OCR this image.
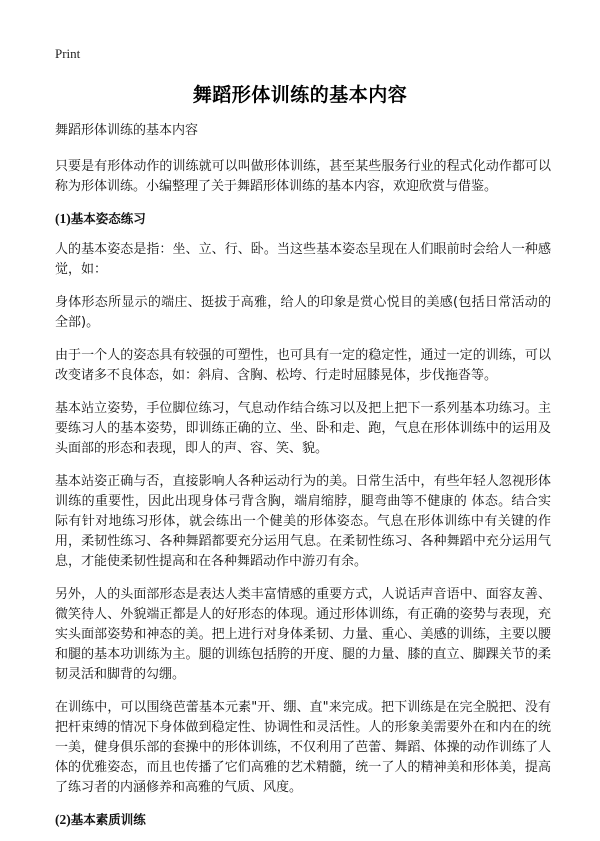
Print
舞蹈形体训练的基本内容

舞蹈形体训练的基本内容

只要是有形体动作的训练就可以叫做形体训练，甚至某些服务行业的程式化动作都可以称为形体训练。小编整理了关于舞蹈形体训练的基本内容，欢迎欣赏与借鉴。

(1)基本姿态练习

人的基本姿态是指：坐、立、行、卧。当这些基本姿态呈现在人们眼前时会给人一种感觉，如：

身体形态所显示的端庄、挺拔于高雅，给人的印象是赏心悦目的美感(包括日常活动的全部)。

由于一个人的姿态具有较强的可塑性，也可具有一定的稳定性，通过一定的训练，可以改变诸多不良体态，如：斜肩、含胸、松垮、行走时屈膝晃体，步伐拖沓等。

基本站立姿势，手位脚位练习，气息动作结合练习以及把上把下一系列基本功练习。主要练习人的基本姿势，即训练正确的立、坐、卧和走、跑，气息在形体训练中的运用及头面部的形态和表现，即人的声、容、笑、貌。

基本站姿正确与否，直接影响人各种运动行为的美。日常生活中，有些年轻人忽视形体训练的重要性，因此出现身体弓背含胸，端肩缩脖，腿弯曲等不健康的 体态。结合实际有针对地练习形体，就会练出一个健美的形体姿态。气息在形体训练中有关键的作用，柔韧性练习、各种舞蹈都要充分运用气息。在柔韧性练习、各种舞蹈中充分运用气息，才能使柔韧性提高和在各种舞蹈动作中游刃有余。

另外，人的头面部形态是表达人类丰富情感的重要方式，人说话声音语中、面容友善、微笑待人、外貌端正都是人的好形态的体现。通过形体训练，有正确的姿势与表现，充实头面部姿势和神态的美。把上进行对身体柔韧、力量、重心、美感的训练，主要以腰和腿的基本功训练为主。腿的训练包括胯的开度、腿的力量、膝的直立、脚踝关节的柔韧灵活和脚背的勾绷。

在训练中，可以围绕芭蕾基本元素"开、绷、直"来完成。把下训练是在完全脱把、没有把杆束缚的情况下身体做到稳定性、协调性和灵活性。人的形象美需要外在和内在的统一美，健身俱乐部的套操中的形体训练，不仅利用了芭蕾、舞蹈、体操的动作训练了人体的优雅姿态，而且也传播了它们高雅的艺术精髓，统一了人的精神美和形体美，提高了练习者的内涵修养和高雅的气质、风度。

(2)基本素质训练
